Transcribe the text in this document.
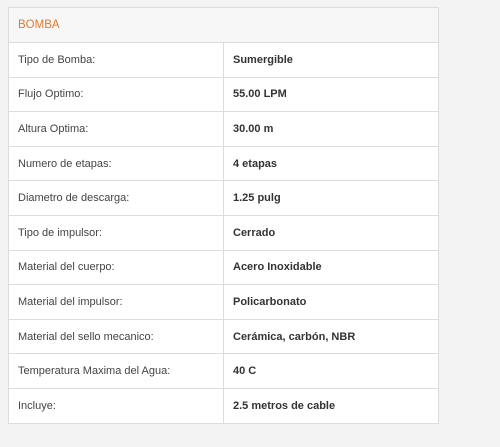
BOMBA	
Tipo de Bomba:	Sumergible
Flujo Optimo:	55.00 LPM
Altura Optima:	30.00 m
Numero de etapas:	4 etapas
Diametro de descarga:	1.25 pulg
Tipo de impulsor:	Cerrado
Material del cuerpo:	Acero Inoxidable
Material del impulsor:	Policarbonato
Material del sello mecanico:	Cerámica, carbón, NBR
Temperatura Maxima del Agua:	40 C
Incluye:	2.5 metros de cable
